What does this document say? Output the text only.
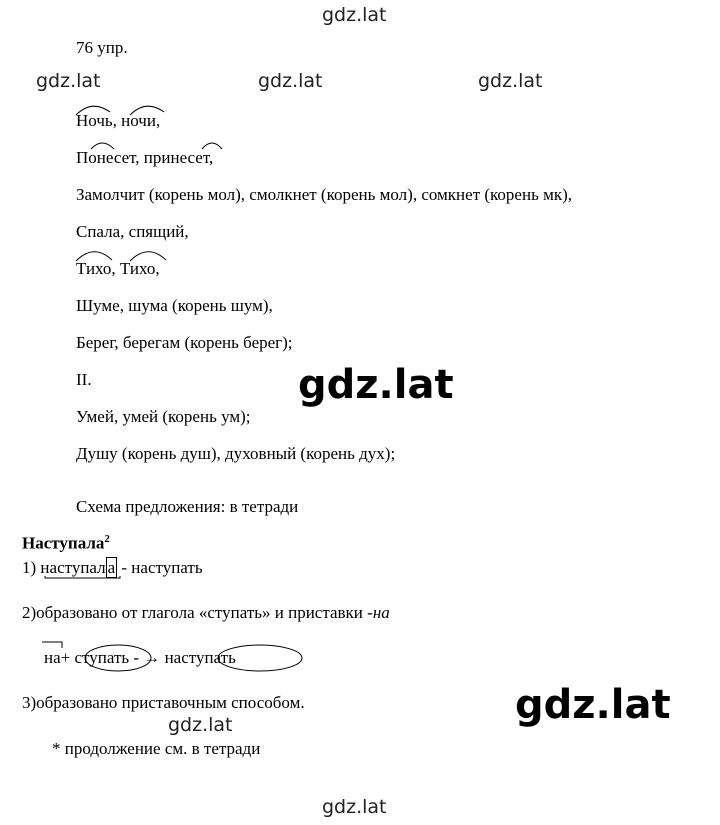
gdz.lat
gdz.lat	gdz.lat	gdz.lat
gdz.lat
gdz.lat
gdz.lat
gdz.lat
76 упр.
Ночь, ночи,
Понесет, принесет,
Замолчит (корень мол), смолкнет (корень мол), сомкнет (корень мк),
Спала, спящий,
Тихо, Тихо,
Шуме, шума (корень шум),
Берег, берегам (корень берег);
II.
Умей, умей (корень ум);
Душу (корень душ), духовный (корень дух);
Схема предложения: в тетради
Наступала$^2$
1) наступал а - наступать
2)образовано от глагола «ступать» и приставки -на
на+ ступать - → наступать
3)образовано приставочным способом.
* продолжение см. в тетради
